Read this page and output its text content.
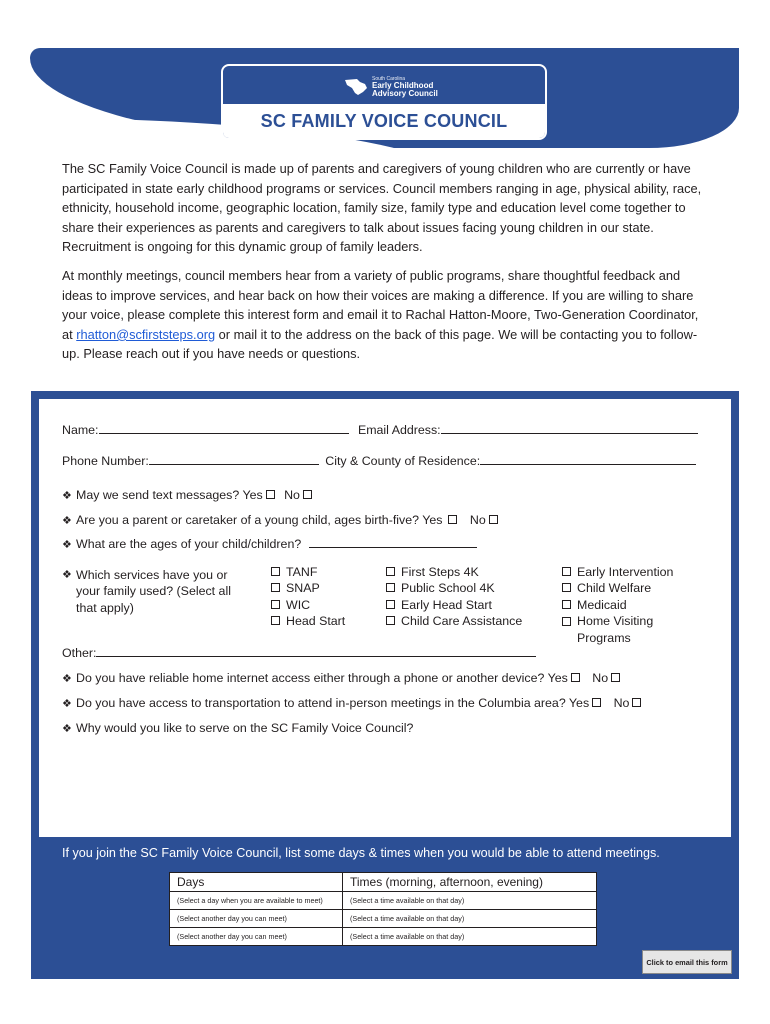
South Carolina
Early Childhood
Advisory Council
SC FAMILY VOICE COUNCIL

The SC Family Voice Council is made up of parents and caregivers of young children who are currently or have participated in state early childhood programs or services. Council members ranging in age, physical ability, race, ethnicity, household income, geographic location, family size, family type and education level come together to share their experiences as parents and caregivers to talk about issues facing young children in our state. Recruitment is ongoing for this dynamic group of family leaders.

At monthly meetings, council members hear from a variety of public programs, share thoughtful feedback and ideas to improve services, and hear back on how their voices are making a difference. If you are willing to share your voice, please complete this interest form and email it to Rachal Hatton-Moore, Two-Generation Coordinator, at rhatton@scfirststeps.org or mail it to the address on the back of this page. We will be contacting you to follow-up. Please reach out if you have needs or questions.

Name:	Email Address:
Phone Number:	City & County of Residence:
❖ May we send text messages? Yes No
❖ Are you a parent or caretaker of a young child, ages birth-five? Yes No
❖ What are the ages of your child/children?
❖ Which services have you or your family used? (Select all that apply)
TANF
SNAP
WIC
Head Start
First Steps 4K
Public School 4K
Early Head Start
Child Care Assistance
Early Intervention
Child Welfare
Medicaid
Home Visiting Programs
Other:
❖ Do you have reliable home internet access either through a phone or another device? Yes No
❖ Do you have access to transportation to attend in-person meetings in the Columbia area? Yes No
❖ Why would you like to serve on the SC Family Voice Council?
If you join the SC Family Voice Council, list some days & times when you would be able to attend meetings.
Days	Times (morning, afternoon, evening)
(Select a day when you are available to meet)	(Select a time available on that day)
(Select another day you can meet)	(Select a time available on that day)
(Select another day you can meet)	(Select a time available on that day)
Click to email this form
